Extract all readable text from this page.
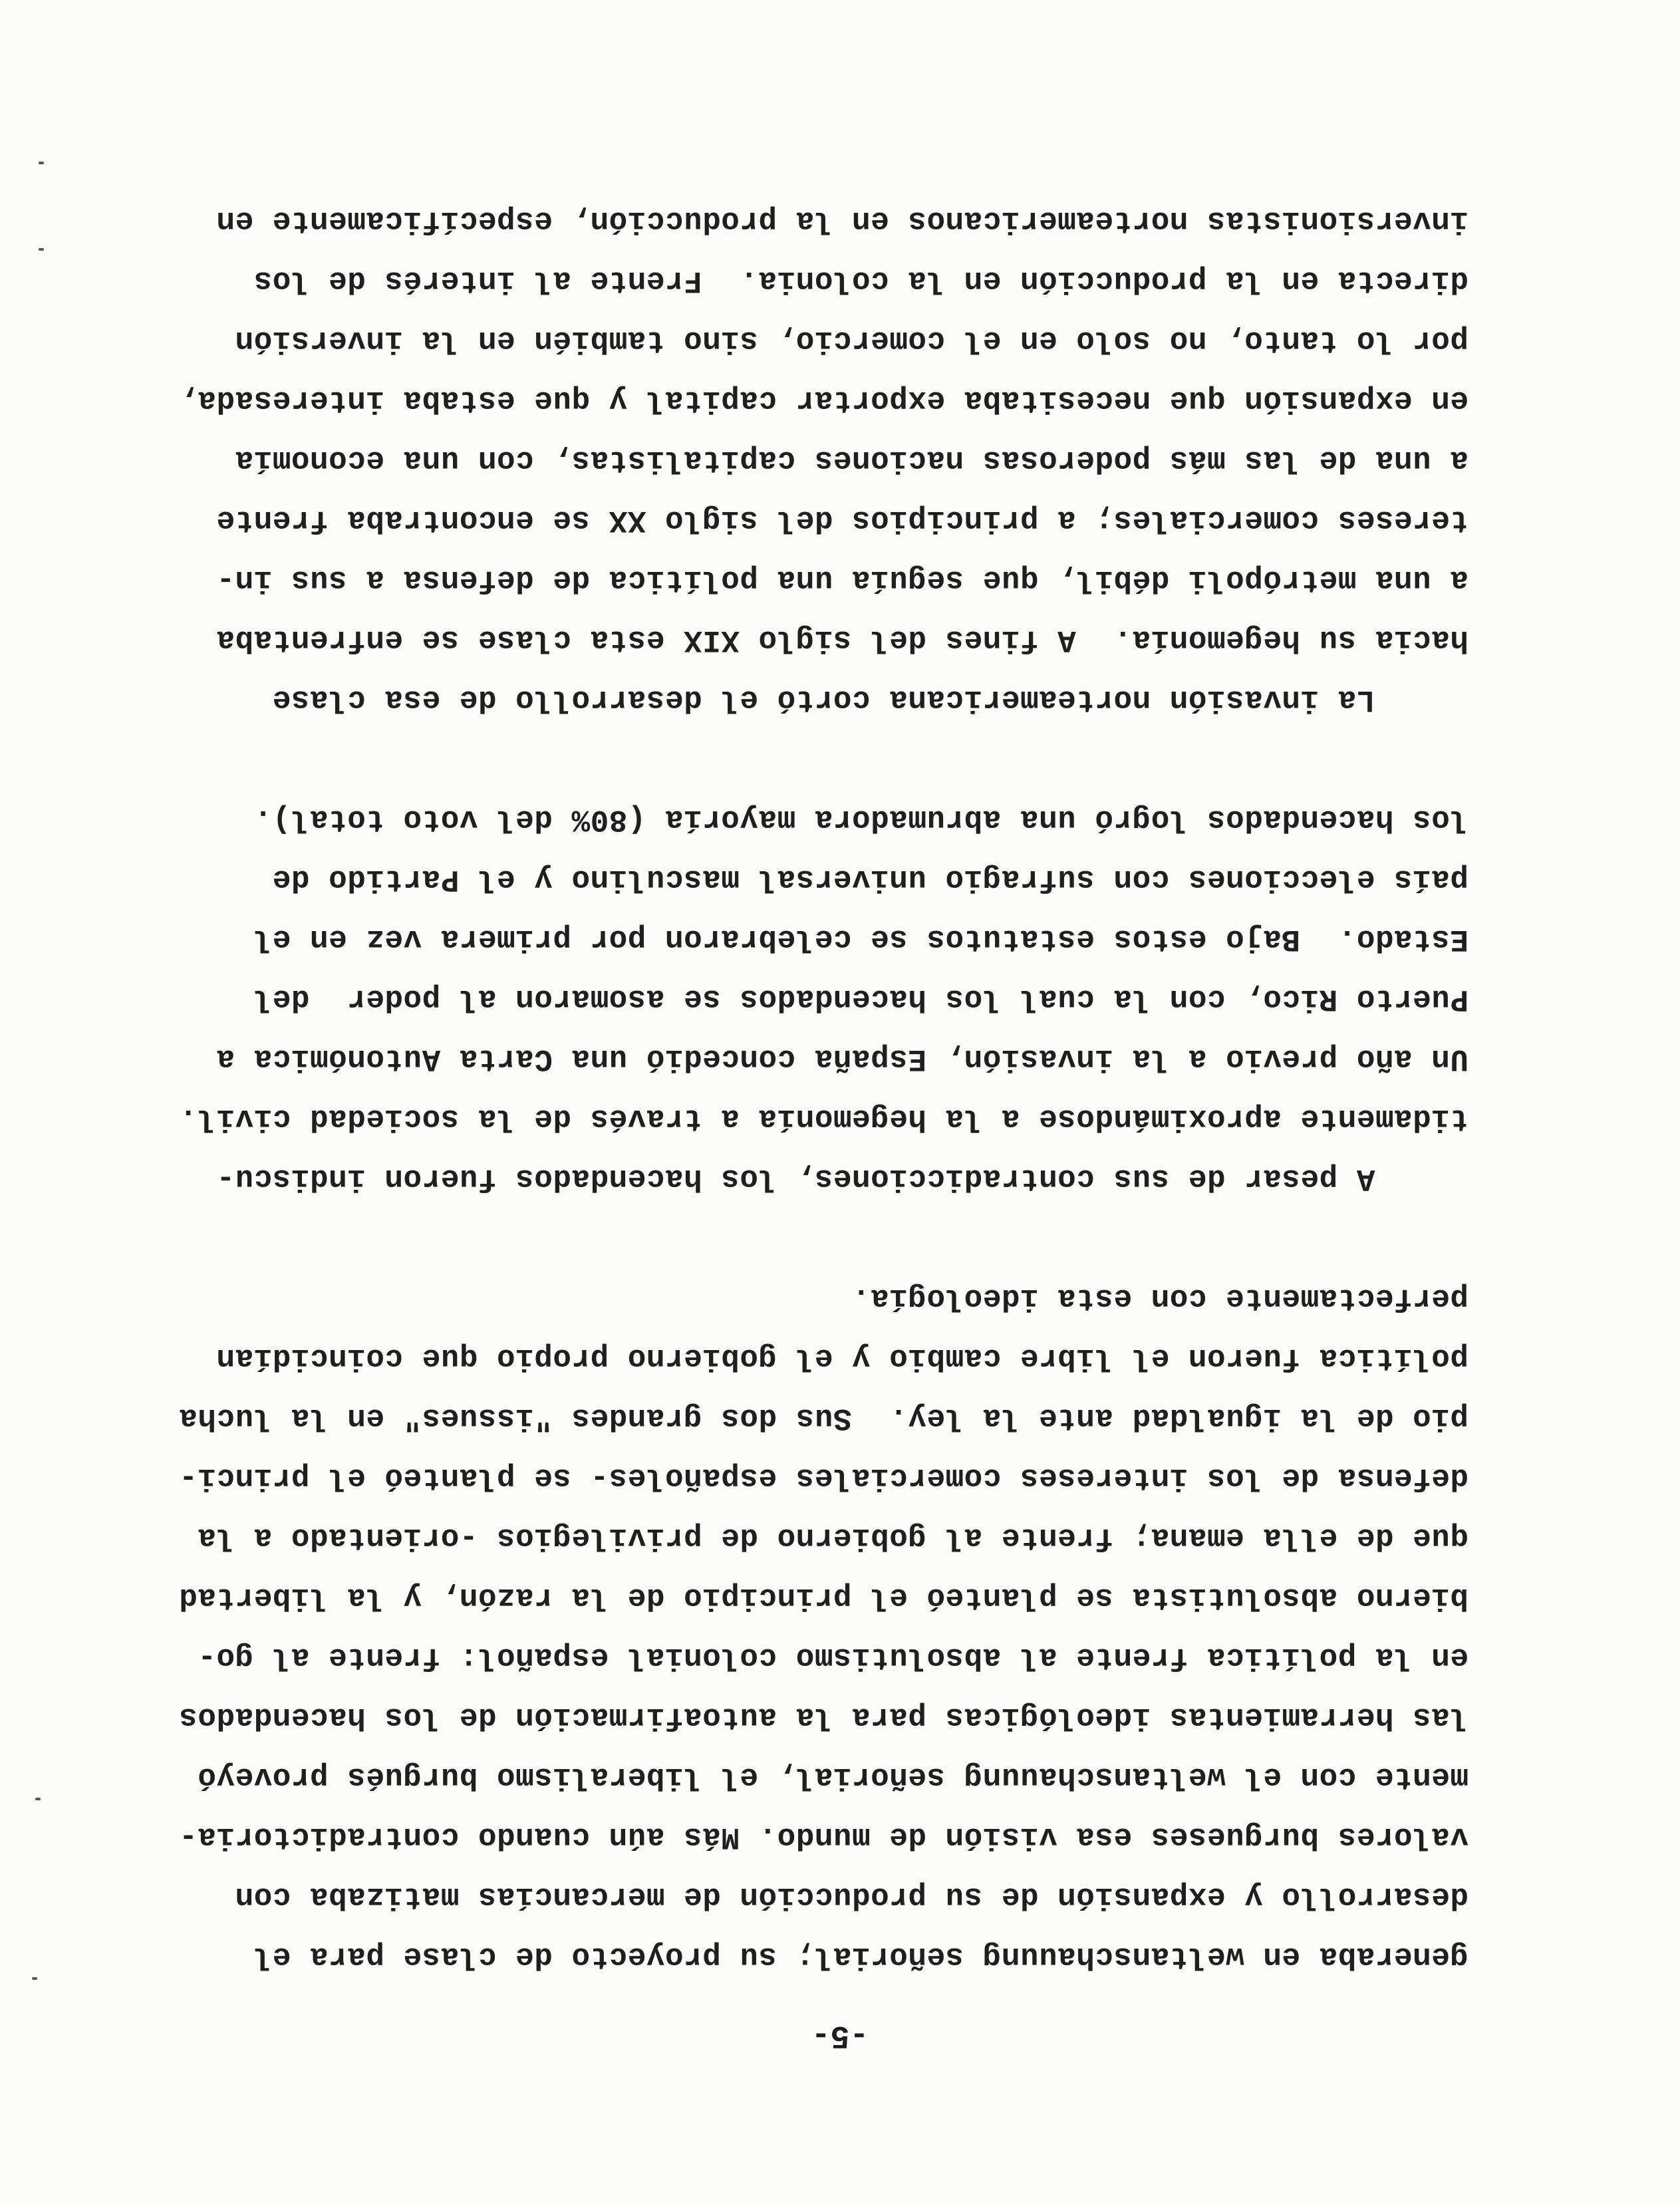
-5-
generaba en weltanschauung señorial; su proyecto de clase para el
desarrollo y expansión de su producción de mercancías matizaba con
valores burgueses esa visión de mundo. Más aún cuando contradictoria-
mente con el weltanschauung señorial, el liberalismo burgués proveyó
las herramientas ideológicas para la autoafirmación de los hacendados
en la política frente al absolutismo colonial español: frente al go-
bierno absolutista se planteó el principio de la razón, y la libertad
que de ella emana; frente al gobierno de privilegios -orientado a la
defensa de los intereses comerciales españoles- se planteó el princi-
pio de la igualdad ante la ley.  Sus dos grandes "issues" en la lucha
política fueron el libre cambio y el gobierno propio que coincidían
perfectamente con esta ideología.
A pesar de sus contradicciones, los hacendados fueron indiscu-
tidamente aproximándose a la hegemonía a través de la sociedad civil.
Un año previo a la invasión, España concedió una Carta Autonómica a
Puerto Rico, con la cual los hacendados se asomaron al poder  del
Estado.  Bajo estos estatutos se celebraron por primera vez en el
país elecciones con sufragio universal masculino y el Partido de
los hacendados logró una abrumadora mayoría (80% del voto total).
La invasión norteamericana cortó el desarrollo de esa clase
hacia su hegemonía.  A fines del siglo XIX esta clase se enfrentaba
a una metrópoli débil, que seguía una política de defensa a sus in-
tereses comerciales; a principios del siglo XX se encontraba frente
a una de las más poderosas naciones capitalistas, con una economía
en expansión que necesitaba exportar capital y que estaba interesada,
por lo tanto, no solo en el comercio, sino también en la inversión
directa en la producción en la colonia.  Frente al interés de los
inversionistas norteamericanos en la producción, específicamente en
